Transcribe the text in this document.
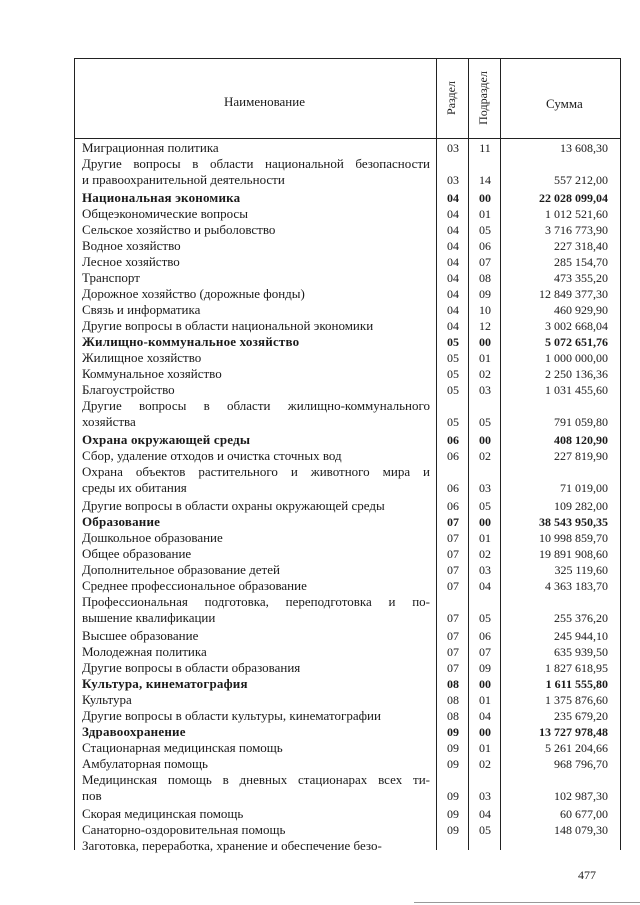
Наименование	Раздел Подраздел	Сумма
Миграционная политика	03	11	13 608,30
Другие вопросы в области национальной безопасности
и правоохранительной деятельности	03	14	557 212,00
Национальная экономика	04	00	22 028 099,04
Общеэкономические вопросы	04	01	1 012 521,60
Сельское хозяйство и рыболовство	04	05	3 716 773,90
Водное хозяйство	04	06	227 318,40
Лесное хозяйство	04	07	285 154,70
Транспорт	04	08	473 355,20
Дорожное хозяйство (дорожные фонды)	04	09	12 849 377,30
Связь и информатика	04	10	460 929,90
Другие вопросы в области национальной экономики	04	12	3 002 668,04
Жилищно-коммунальное хозяйство	05	00	5 072 651,76
Жилищное хозяйство	05	01	1 000 000,00
Коммунальное хозяйство	05	02	2 250 136,36
Благоустройство	05	03	1 031 455,60
Другие вопросы в области жилищно-коммунального
хозяйства	05	05	791 059,80
Охрана окружающей среды	06	00	408 120,90
Сбор, удаление отходов и очистка сточных вод	06	02	227 819,90
Охрана объектов растительного и животного мира и
среды их обитания	06	03	71 019,00
Другие вопросы в области охраны окружающей среды	06	05	109 282,00
Образование	07	00	38 543 950,35
Дошкольное образование	07	01	10 998 859,70
Общее образование	07	02	19 891 908,60
Дополнительное образование детей	07	03	325 119,60
Среднее профессиональное образование	07	04	4 363 183,70
Профессиональная подготовка, переподготовка и по-
вышение квалификации	07	05	255 376,20
Высшее образование	07	06	245 944,10
Молодежная политика	07	07	635 939,50
Другие вопросы в области образования	07	09	1 827 618,95
Культура, кинематография	08	00	1 611 555,80
Культура	08	01	1 375 876,60
Другие вопросы в области культуры, кинематографии	08	04	235 679,20
Здравоохранение	09	00	13 727 978,48
Стационарная медицинская помощь	09	01	5 261 204,66
Амбулаторная помощь	09	02	968 796,70
Медицинская помощь в дневных стационарах всех ти-
пов	09	03	102 987,30
Скорая медицинская помощь	09	04	60 677,00
Санаторно-оздоровительная помощь	09	05	148 079,30
Заготовка, переработка, хранение и обеспечение безо-
477
